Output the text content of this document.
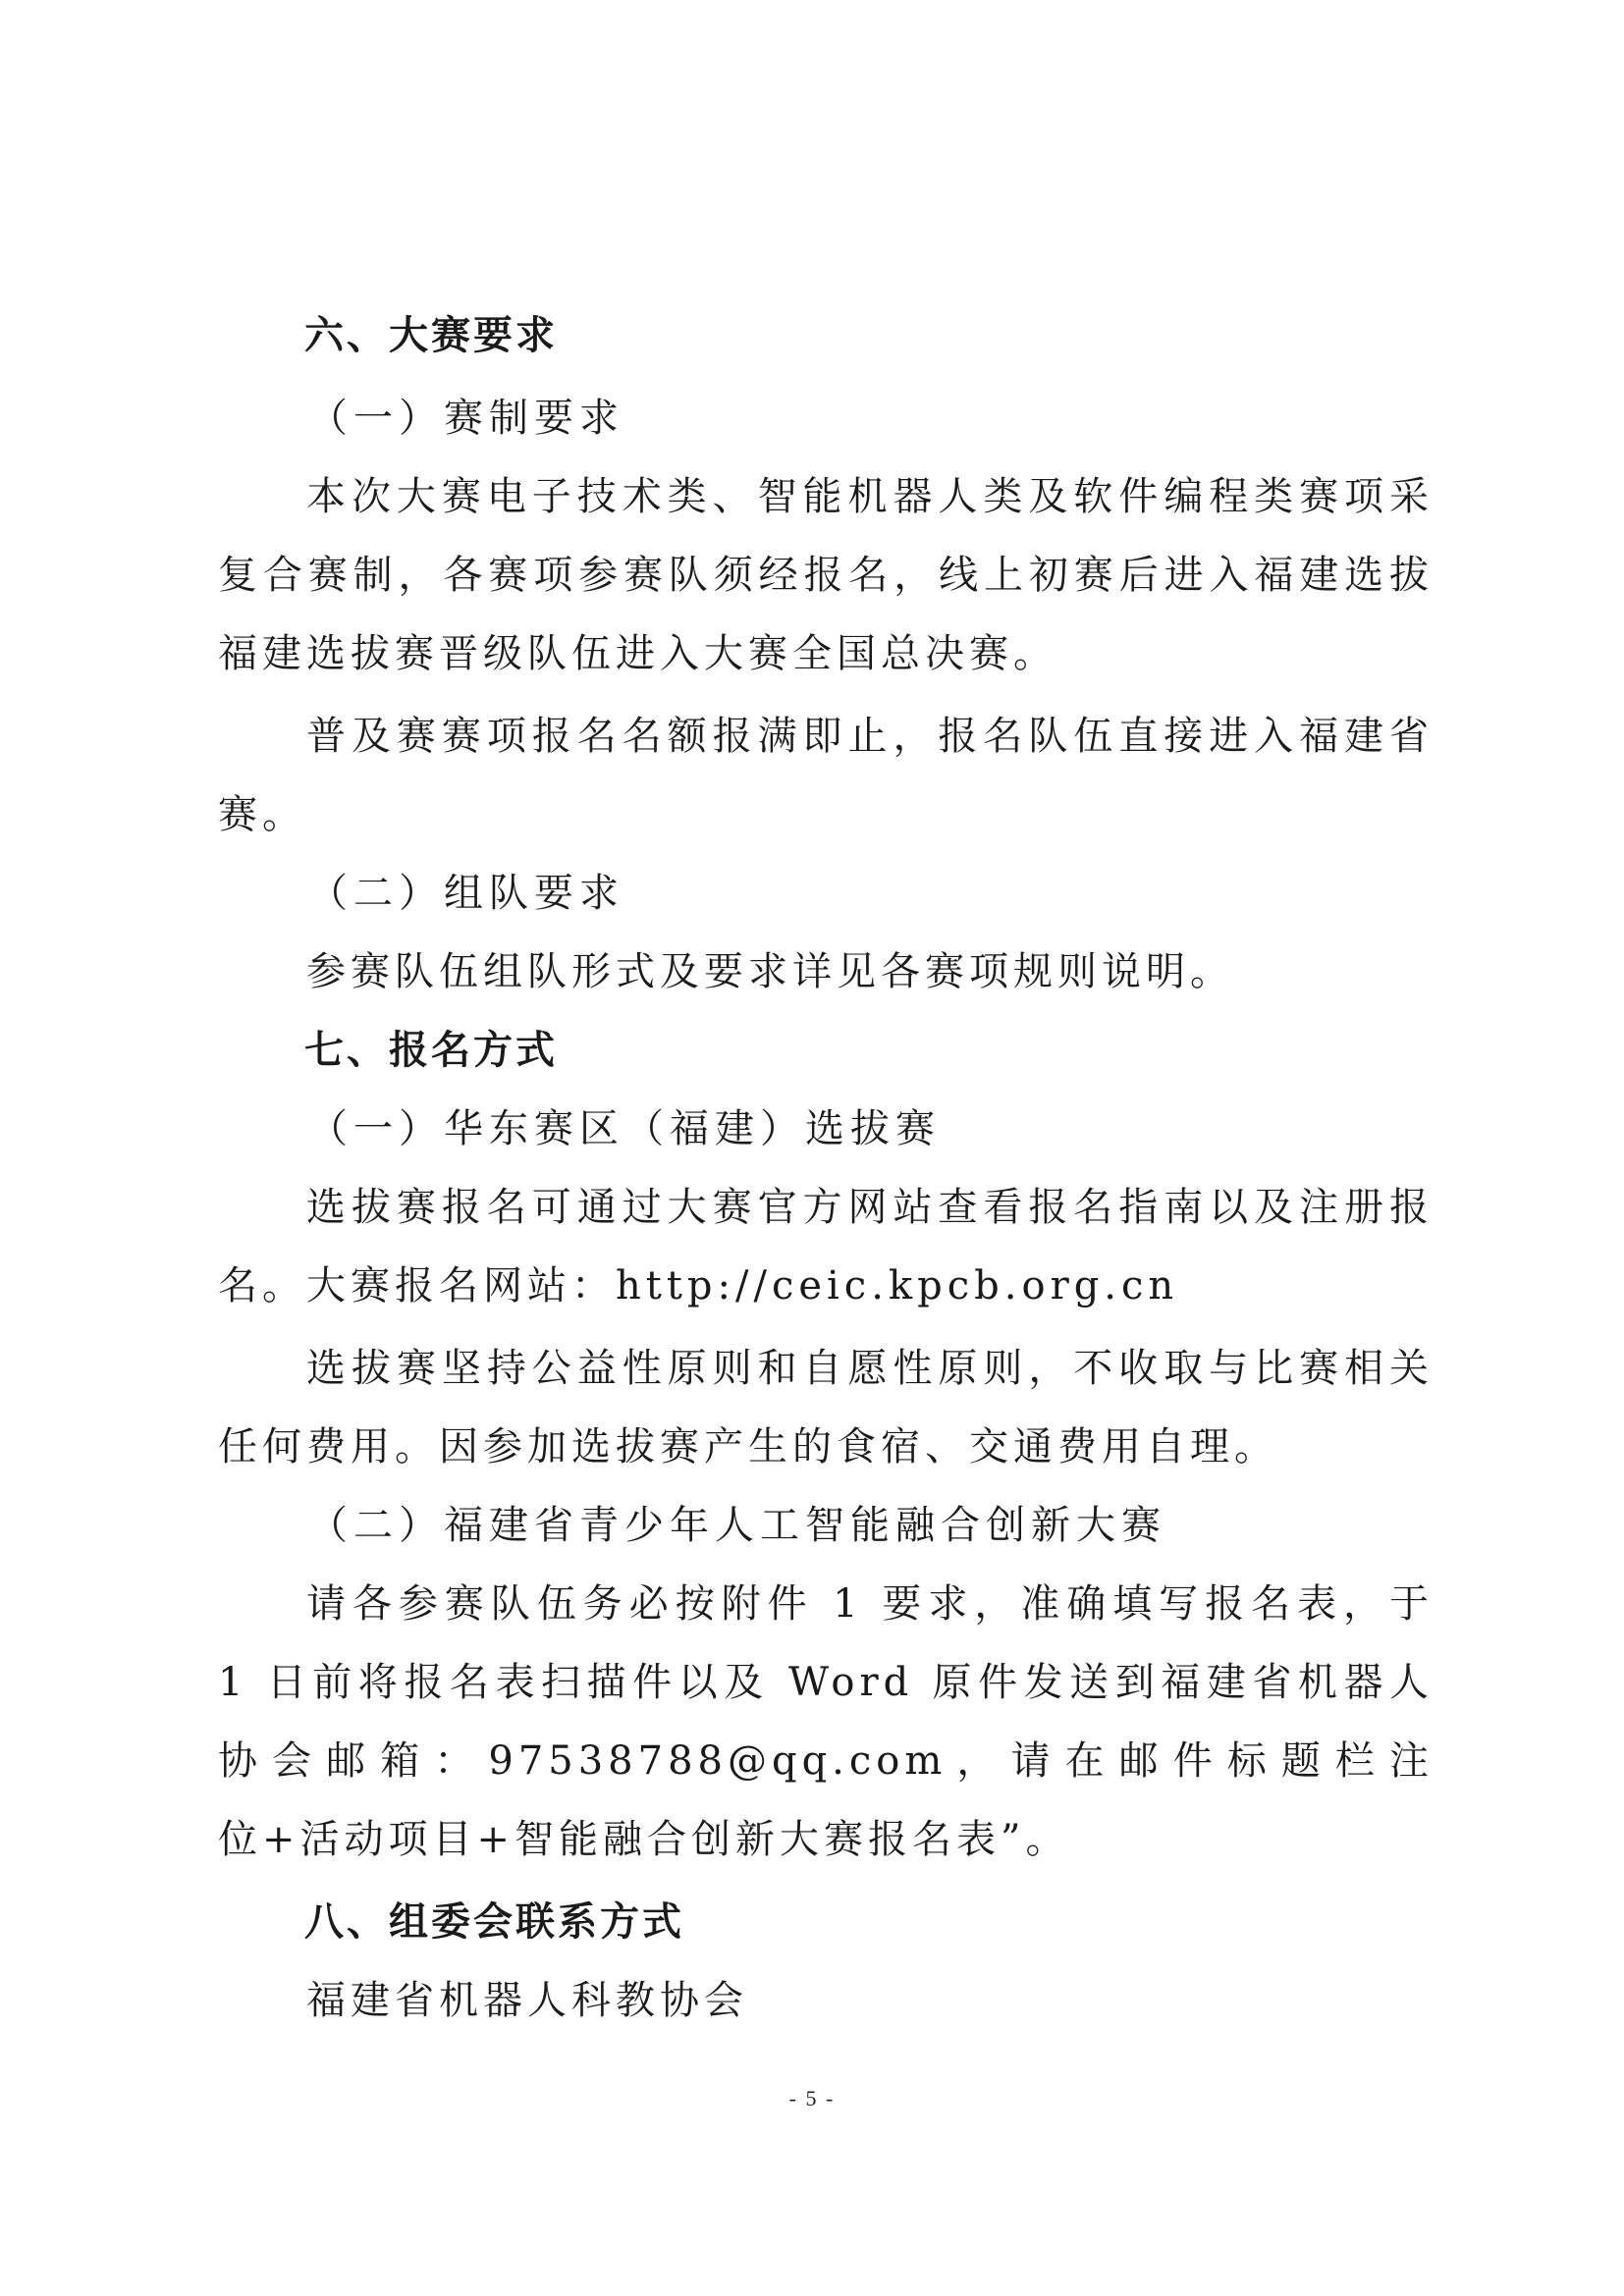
六、大赛要求
（一）赛制要求
本次大赛电子技术类、智能机器人类及软件编程类赛项采
复合赛制，各赛项参赛队须经报名，线上初赛后进入福建选拔
福建选拔赛晋级队伍进入大赛全国总决赛。
普及赛赛项报名名额报满即止，报名队伍直接进入福建省
赛。
（二）组队要求
参赛队伍组队形式及要求详见各赛项规则说明。
七、报名方式
（一）华东赛区（福建）选拔赛
选拔赛报名可通过大赛官方网站查看报名指南以及注册报
名。大赛报名网站：http://ceic.kpcb.org.cn
选拔赛坚持公益性原则和自愿性原则，不收取与比赛相关
任何费用。因参加选拔赛产生的食宿、交通费用自理。
（二）福建省青少年人工智能融合创新大赛
请各参赛队伍务必按附件 1 要求，准确填写报名表，于
1 日前将报名表扫描件以及 Word 原件发送到福建省机器人
协会邮箱：97538788@qq.com，请在邮件标题栏注
位+活动项目+智能融合创新大赛报名表”。
八、组委会联系方式
福建省机器人科教协会
- 5 -
